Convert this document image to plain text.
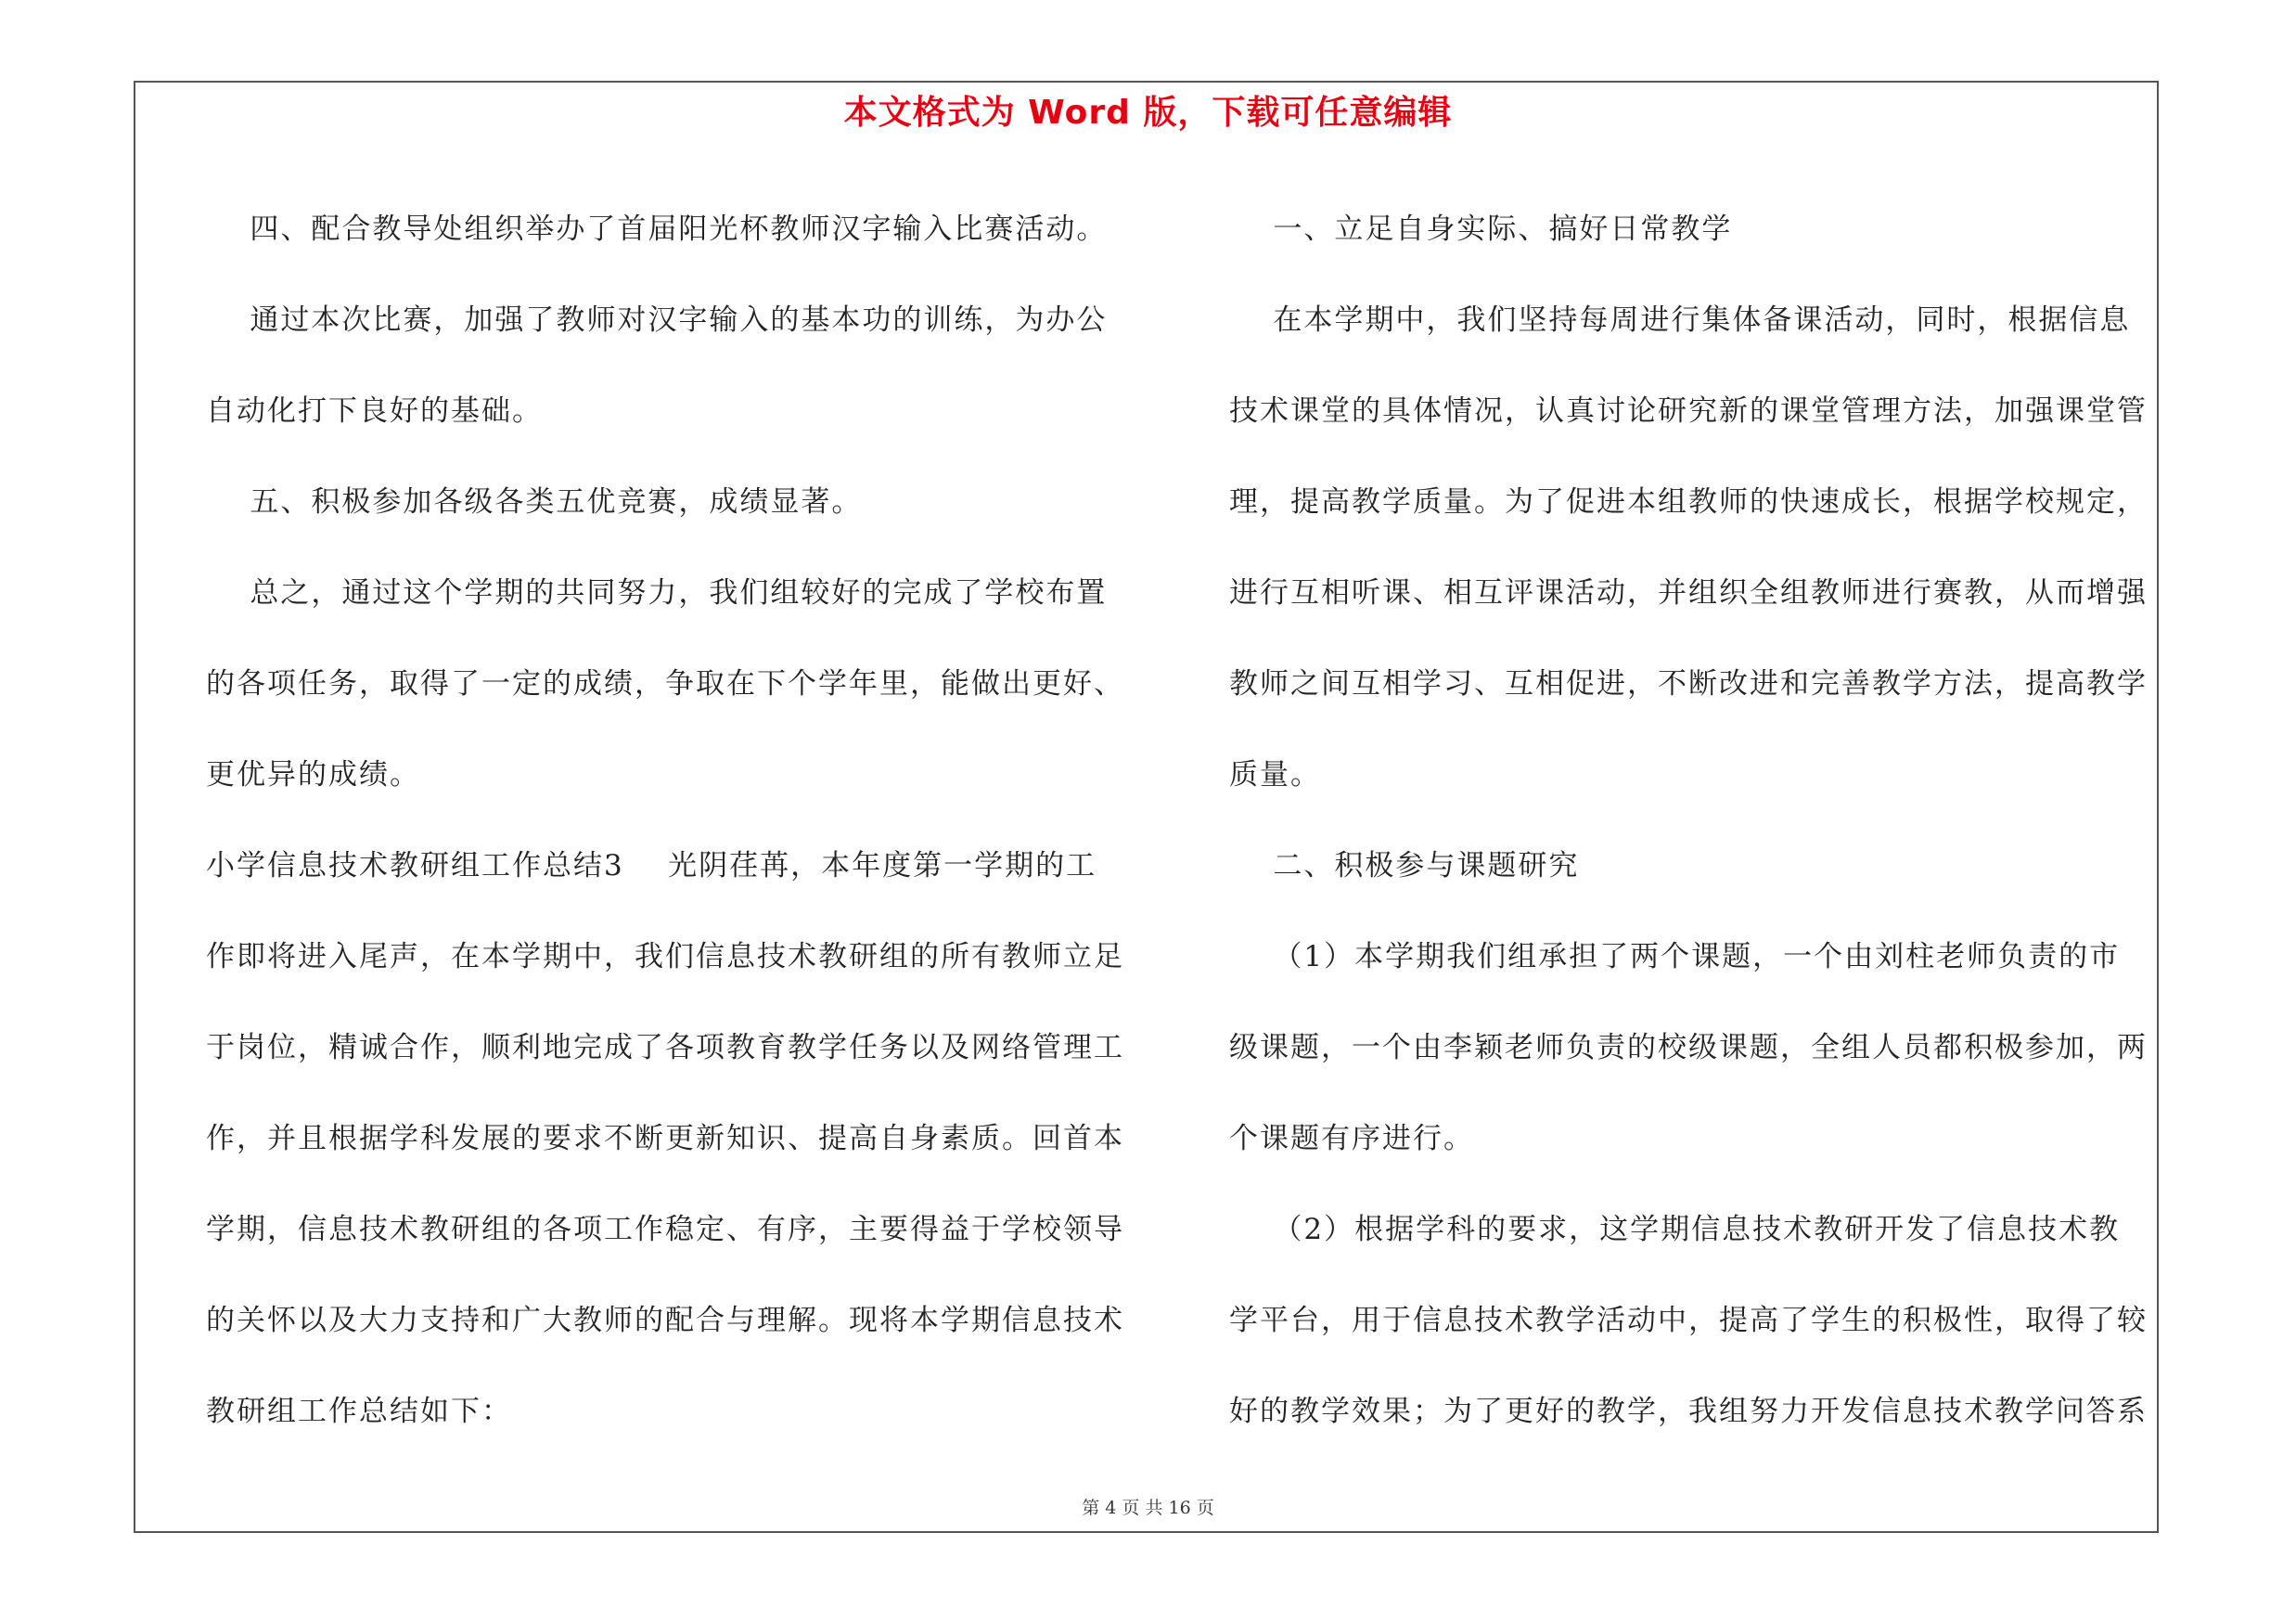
本文格式为 Word 版，下载可任意编辑
四、配合教导处组织举办了首届阳光杯教师汉字输入比赛活动。
通过本次比赛，加强了教师对汉字输入的基本功的训练，为办公
自动化打下良好的基础。
五、积极参加各级各类五优竞赛，成绩显著。
总之，通过这个学期的共同努力，我们组较好的完成了学校布置
的各项任务，取得了一定的成绩，争取在下个学年里，能做出更好、
更优异的成绩。
小学信息技术教研组工作总结3    光阴荏苒，本年度第一学期的工
作即将进入尾声，在本学期中，我们信息技术教研组的所有教师立足
于岗位，精诚合作，顺利地完成了各项教育教学任务以及网络管理工
作，并且根据学科发展的要求不断更新知识、提高自身素质。回首本
学期，信息技术教研组的各项工作稳定、有序，主要得益于学校领导
的关怀以及大力支持和广大教师的配合与理解。现将本学期信息技术
教研组工作总结如下：
一、立足自身实际、搞好日常教学
在本学期中，我们坚持每周进行集体备课活动，同时，根据信息
技术课堂的具体情况，认真讨论研究新的课堂管理方法，加强课堂管
理，提高教学质量。为了促进本组教师的快速成长，根据学校规定，
进行互相听课、相互评课活动，并组织全组教师进行赛教，从而增强
教师之间互相学习、互相促进，不断改进和完善教学方法，提高教学
质量。
二、积极参与课题研究
（1）本学期我们组承担了两个课题，一个由刘柱老师负责的市
级课题，一个由李颖老师负责的校级课题，全组人员都积极参加，两
个课题有序进行。
（2）根据学科的要求，这学期信息技术教研开发了信息技术教
学平台，用于信息技术教学活动中，提高了学生的积极性，取得了较
好的教学效果；为了更好的教学，我组努力开发信息技术教学问答系
第 4 页 共 16 页
